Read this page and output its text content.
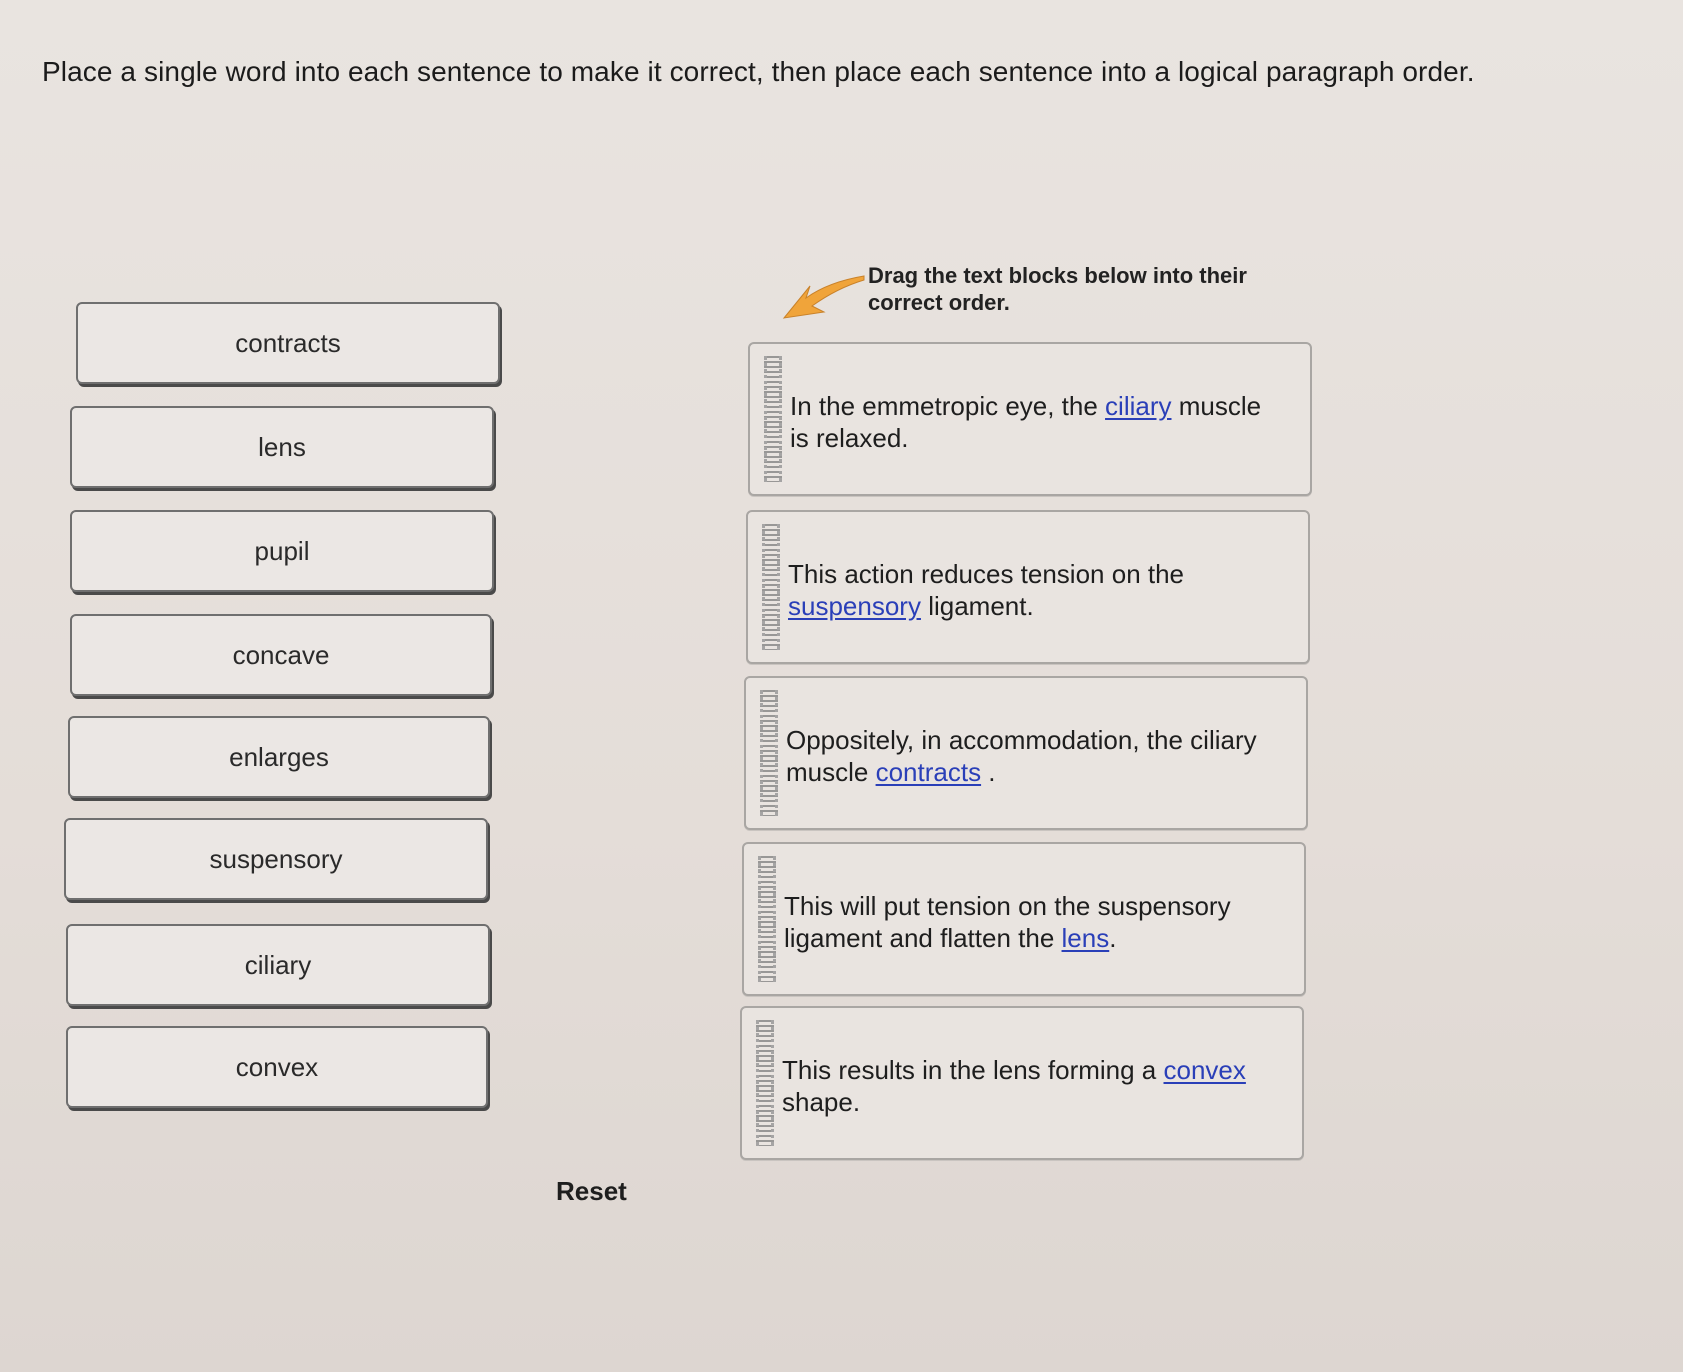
Place a single word into each sentence to make it correct, then place each sentence into a logical paragraph order.
contracts
lens
pupil
concave
enlarges
suspensory
ciliary
convex
Drag the text blocks below into their
correct order.
In the emmetropic eye, the ciliary muscle is relaxed.
This action reduces tension on the suspensory ligament.
Oppositely, in accommodation, the ciliary muscle contracts .
This will put tension on the suspensory ligament and flatten the lens.
This results in the lens forming a convex shape.
Reset
